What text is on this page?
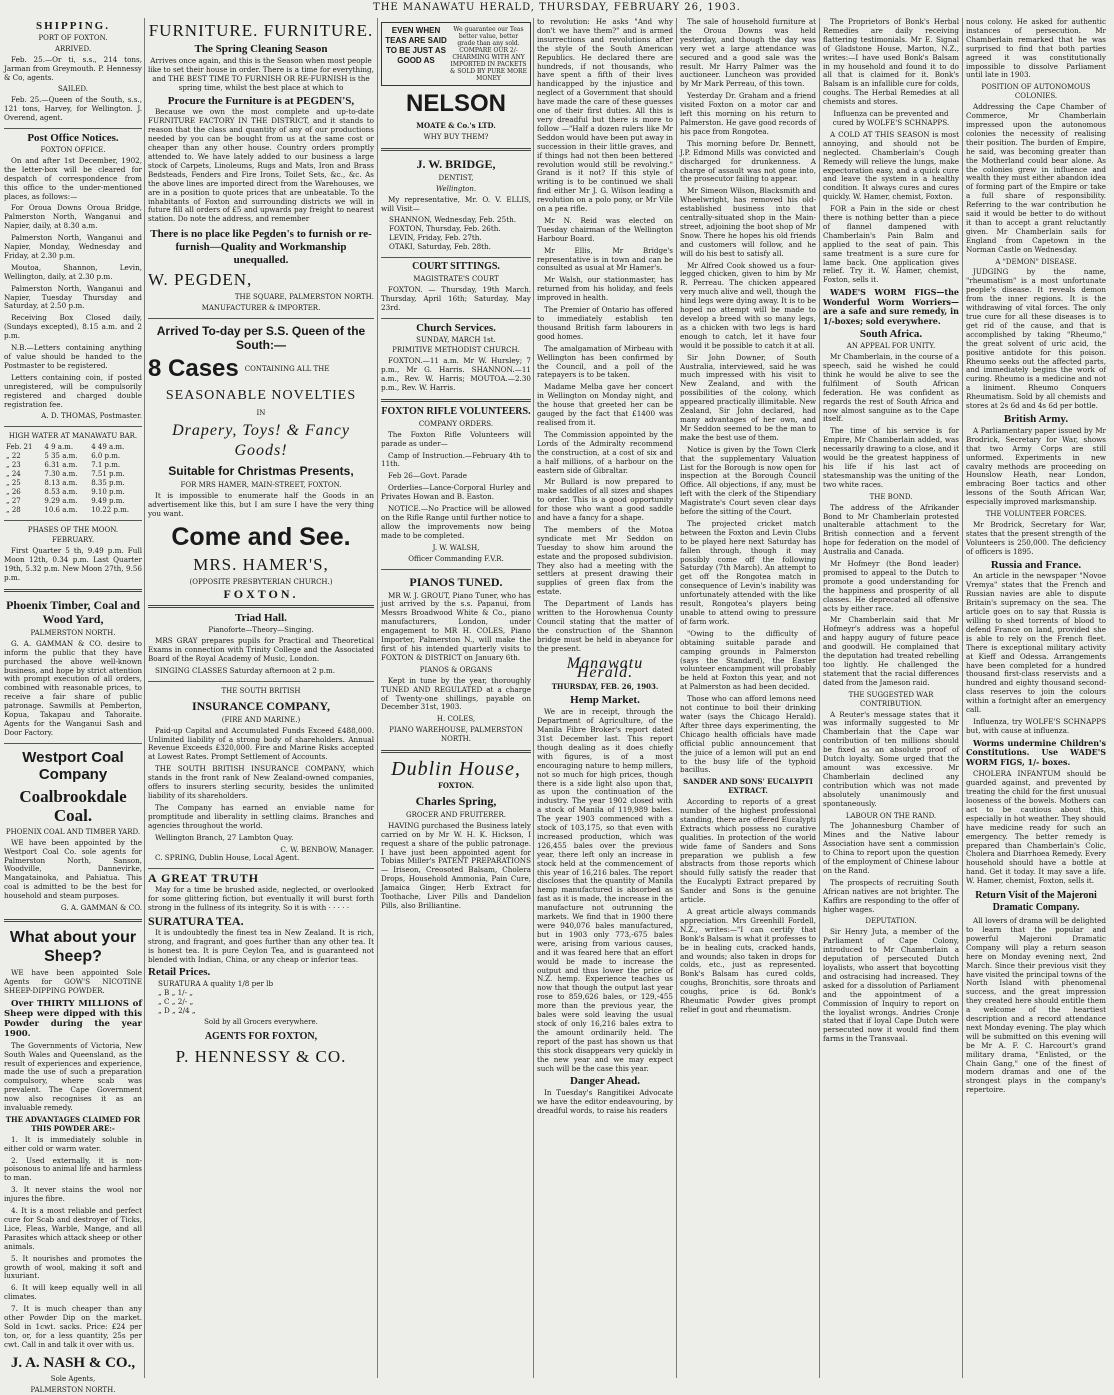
THE MANAWATU HERALD, THURSDAY, FEBRUARY 26, 1903.
SHIPPING.
PORT OF FOXTON.
ARRIVED.

Feb. 25.—Or ti, s.s., 214 tons, Jarman from Greymouth. P. Hennessy & Co, agents.

SAILED.

Feb. 25.—Queen of the South, s.s., 121 tons, Harvey, for Wellington. J. Overend, agent.

Post Office Notices.
FOXTON OFFICE.

On and after 1st December, 1902, the letter-box will be cleared for despatch of correspondence from this office to the under-mentioned places, as follows:—

For Oroua Downs Oroua Bridge, Palmerston North, Wanganui and Napier, daily, at 8.30 a.m.

Palmerston North, Wanganui and Napier, Monday, Wednesday and Friday, at 2.30 p.m.

Moutoa, Shannon, Levin, Wellington, daily, at 2.30 p.m.

Palmerston North, Wanganui and Napier, Tuesday Thursday and Saturday, at 2.50 p.m.

Receiving Box Closed daily, (Sundays excepted), 8.15 a.m. and 2 p.m.

N.B.—Letters containing anything of value should be handed to the Postmaster to be registered.

Letters containing coin, if posted unregistered, will be compulsorily registered and charged double registration fee.

A. D. THOMAS, Postmaster.
HIGH WATER AT MANAWATU BAR.
Feb. 21	4 9 a.m.	4 49 a.m.
„ 22	5 35 a.m.	6.0 p.m.
„ 23	6.31 a.m.	7.1 p.m.
„ 24	7.30 a.m.	7.51 p.m.
„ 25	8.13 a.m.	8.35 p.m.
„ 26	8.53 a.m.	9.10 p.m.
„ 27	9.29 a.m.	9.49 p.m.
„ 28	10.6 a.m.	10.22 p.m.
PHASES OF THE MOON.
FEBRUARY.

First Quarter 5 th, 9.49 p.m. Full Moon 12th, 0.34 p.m. Last Quarter 19th, 5.32 p.m. New Moon 27th, 9.56 p.m.

Phoenix Timber, Coal and Wood Yard,
PALMERSTON NORTH.

G. A. GAMMAN & CO. desire to inform the public that they have purchased the above well-known business, and hope by strict attention with prompt execution of all orders, combined with reasonable prices, to receive a fair share of public patronage. Sawmills at Pemberton, Kopua, Takapau and Tahoraite. Agents for the Wanganui Sash and Door Factory.

Westport Coal Company
Coalbrookdale Coal.
PHOENIX COAL AND TIMBER YARD.

WE have been appointed by the Westport Coal Co. sole agents for Palmerston North, Sanson, Woodville, Dannevirke, Mangatainoka, and Pahiatua. This coal is admitted to be the best for household and steam purposes.

G. A. GAMMAN & CO.
What about your Sheep?

WE have been appointed Sole Agents for GOW'S NICOTINE SHEEP-DIPPING POWDER.

Over THIRTY MILLIONS of Sheep were dipped with this Powder during the year 1900.

The Governments of Victoria, New South Wales and Queensland, as the result of experiences and experience, made the use of such a preparation compulsory, where scab was prevalent. The Cape Government now also recognises it as an invaluable remedy.

THE ADVANTAGES CLAIMED FOR THIS POWDER ARE:-

1. It is immediately soluble in either cold or warm water.

2. Used externally, it is non-poisonous to animal life and harmless to man.

3. It never stains the wool nor injures the fibre.

4. It is a most reliable and perfect cure for Scab and destroyer of Ticks, Lice, Fleas, Warble, Mange, and all Parasites which attack sheep or other animals.

5. It nourishes and promotes the growth of wool, making it soft and luxuriant.

6. It will keep equally well in all climates.

7. It is much cheaper than any other Powder Dip on the market. Sold in 1cwt. sacks. Price: £24 per ton, or, for a less quantity, 25s per cwt. Call in and talk it over with us.

J. A. NASH & CO.,
Sole Agents,
PALMERSTON NORTH.
FURNITURE. FURNITURE.
The Spring Cleaning Season

Arrives once again, and this is the Season when most people like to set their house in order. There is a time for everything, and THE BEST TIME TO FURNISH OR RE-FURNISH is the spring time, whilst the best place at which to

Procure the Furniture is at PEGDEN'S,

Because we own the most complete and up-to-date FURNITURE FACTORY IN THE DISTRICT, and it stands to reason that the class and quantity of any of our productions needed by you can be bought from us at the same cost or cheaper than any other house. Country orders promptly attended to. We have lately added to our business a large stock of Carpets, Linoleums, Rugs and Mats, Iron and Brass Bedsteads, Fenders and Fire Irons, Toilet Sets, &c., &c. As the above lines are imported direct from the Warehouses, we are in a position to quote prices that are unbeatable. To the inhabitants of Foxton and surrounding districts we will in future fill all orders of £5 and upwards pay freight to nearest station. Do note the address, and remember

There is no place like Pegden's to furnish or re-furnish—Quality and Workmanship unequalled.
W. PEGDEN,
THE SQUARE, PALMERSTON NORTH.
MANUFACTURER & IMPORTER.
Arrived To-day per S.S. Queen of the South:—
8 Cases CONTAINING ALL THE
SEASONABLE NOVELTIES
IN
Drapery, Toys! & Fancy Goods!
Suitable for Christmas Presents,
FOR MRS HAMER, MAIN-STREET, FOXTON.

It is impossible to enumerate half the Goods in an advertisement like this, but I am sure I have the very thing you want.

Come and See.
MRS. HAMER'S,
(OPPOSITE PRESBYTERIAN CHURCH.)
FOXTON.
Triad Hall.
Pianoforte—Theory—Singing.

MRS GRAY prepares pupils for Practical and Theoretical Exams in connection with Trinity College and the Associated Board of the Royal Academy of Music, London.

SINGING CLASSES Saturday afternoon at 2 p.m.

THE SOUTH BRITISH
INSURANCE COMPANY,
(FIRE AND MARINE.)

Paid-up Capital and Accumulated Funds Exceed £488,000. Unlimited liability of a strong body of shareholders. Annual Revenue Exceeds £320,000. Fire and Marine Risks accepted at Lowest Rates. Prompt Settlement of Accounts.

THE SOUTH BRITISH INSURANCE COMPANY, which stands in the front rank of New Zealand-owned companies, offers to insurers sterling security, besides the unlimited liability of its shareholders.

The Company has earned an enviable name for promptitude and liberality in settling claims. Branches and agencies throughout the world.

Wellington Branch, 27 Lambton Quay.

C. W. BENBOW, Manager.

C. SPRING, Dublin House, Local Agent.

A GREAT TRUTH

May for a time be brushed aside, neglected, or overlooked for some glittering fiction, but eventually it will burst forth strong in the fullness of its integrity. So it is with · · · · ·

SURATURA TEA.

It is undoubtedly the finest tea in New Zealand. It is rich, strong, and fragrant, and goes further than any other tea. It is honest tea. It is pure Ceylon Tea, and is guaranteed not blended with Indian, China, or any cheap or inferior teas.

Retail Prices.
SURATURA A quality 1/8 per lb
„ B „ 1/- „
„ C „ 2/- „
„ D „ 2/4 „
Sold by all Grocers everywhere.
AGENTS FOR FOXTON,
P. HENNESSY & CO.
EVEN WHEN TEAS ARE SAID TO BE JUST AS GOOD AS
We guarantee our Teas better value, better grade than any sold. COMPARE OUR 2/- CHARMING WITH ANY IMPORTED IN PACKETS & SOLD BY PURE MORE MONEY
NELSON
MOATE & Co.'s LTD.
WHY BUY THEM?
J. W. BRIDGE,
DENTIST,
Wellington.

My representative, Mr. O. V. ELLIS, will Visit—

SHANNON, Wednesday, Feb. 25th.
FOXTON, Thursday, Feb. 26th.
LEVIN, Friday, Feb. 27th.
OTAKI, Saturday, Feb. 28th.
COURT SITTINGS.
MAGISTRATE'S COURT

FOXTON. — Thursday, 19th March. Thursday, April 16th; Saturday, May 23rd.

Church Services.
SUNDAY, MARCH 1st.
PRIMITIVE METHODIST CHURCH.

FOXTON.—11 a.m. Mr W. Hursley; 7 p.m., Mr G. Harris. SHANNON.—11 a.m., Rev. W. Harris; MOUTOA.—2.30 p.m., Rev. W. Harris.

FOXTON RIFLE VOLUNTEERS.
COMPANY ORDERS.

The Foxton Rifle Volunteers will parade as under—

Camp of Instruction.—February 4th to 11th.

Feb 26—Govt. Parade

Orderlies—Lance-Corporal Hurley and Privates Howan and B. Easton.

NOTICE.—No Practice will be allowed on the Rifle Range until further notice to allow the improvements now being made to be completed.

J. W. WALSH,
Officer Commanding F.V.R.
PIANOS TUNED.

MR W. J. GROUT, Piano Tuner, who has just arrived by the s.s. Papanui, from Messrs Broadwood White & Co., piano manufacturers, London, under engagement to MR H. COLES, Piano Importer, Palmerston N., will make the first of his intended quarterly visits to FOXTON & DISTRICT on January 6th.

PIANOS & ORGANS

Kept in tune by the year, thoroughly TUNED AND REGULATED at a charge of Twenty-one shillings, payable on December 31st, 1903.

H. COLES,
PIANO WAREHOUSE, PALMERSTON NORTH.
Dublin House,
FOXTON.
Charles Spring,
GROCER AND FRUITERER.

HAVING purchased the Business lately carried on by Mr W. H. K. Hickson, I request a share of the public patronage. I have just been appointed agent for Tobias Miller's PATENT PREPARATIONS — Iriseon, Creosoted Balsam, Cholera Drops, Household Ammonia, Pain Cure, Jamaica Ginger, Herb Extract for Toothache, Liver Pills and Dandelion Pills, also Brilliantine.

to revolution: He asks "And why don't we have them?" and is armed insurrections and revolutions after the style of the South American Republics. He declared there are hundreds, if not thousands, who have spent a fifth of their lives handicapped by the injustice and neglect of a Government that should have made the care of these guesses one of their first duties. All this is very dreadful but there is more to follow —"Half a dozen rulers like Mr Seddon would have been put away in succession in their little graves, and if things had not then been bettered revolution would still be revolving." Grand is it not? If this style of writing is to be continued we shall find either Mr J. G. Wilson leading a revolution on a polo pony, or Mr Vile on a pea rifle.

Mr N. Reid was elected on Tuesday chairman of the Wellington Harbour Board.

Mr Ellis, Mr Bridge's representative is in town and can be consulted as usual at Mr Hamer's.

Mr Walsh, our stationmaster, has returned from his holiday, and feels improved in health.

The Premier of Ontario has offered to immediately establish ten thousand British farm labourers in good homes.

The amalgamation of Mirbeau with Wellington has been confirmed by the Council, and a poll of the ratepayers is to be taken.

Madame Melba gave her concert in Wellington on Monday night, and the house that greeted her can be gauged by the fact that £1400 was realised from it.

The Commission appointed by the Lords of the Admiralty recommend the construction, at a cost of six and a half millions, of a harbour on the eastern side of Gibraltar.

Mr Bullard is now prepared to make saddles of all sizes and shapes to order. This is a good opportunity for those who want a good saddle and have a fancy for a shape.

The members of the Motoa syndicate met Mr Seddon on Tuesday to show him around the estate and the proposed subdivision. They also had a meeting with the settlers at present drawing their supplies of green flax from the estate.

The Department of Lands has written to the Horowhenua County Council stating that the matter of the construction of the Shannon bridge must be held in abeyance for the present.

Manawatu Herald.
THURSDAY, FEB. 26, 1903.
Hemp Market.

We are in receipt, through the Department of Agriculture, of the Manila Fibre Broker's report dated 31st December last. This report though dealing as it does chiefly with figures, is of a most encouraging nature to hemp millers, not so much for high prices, though there is a side light also upon that, as upon the continuation of the industry. The year 1902 closed with a stock of Manila of 119,989 bales. The year 1903 commenced with a stock of 103,175, so that even with increased production, which was 126,455 bales over the previous year, there left only an increase in stock held at the commencement of this year of 16,216 bales. The report discloses that the quantity of Manila hemp manufactured is absorbed as fast as it is made, the increase in the manufacture not outrunning the markets. We find that in 1900 there were 940,076 bales manufactured, but in 1903 only 773,-675 bales were, arising from various causes, and it was feared here that an effort would be made to increase the output and thus lower the price of N.Z. hemp. Experience teaches us now that though the output last year rose to 859,626 bales, or 129,-455 more than the previous year, the bales were sold leaving the usual stock of only 16,216 bales extra to the amount ordinarily held. The report of the past has shown us that this stock disappears very quickly in the new year and we may expect such will be the case this year.

Danger Ahead.

In Tuesday's Rangitikei Advocate we have the editor endeavouring, by dreadful words, to raise his readers

The sale of household furniture at the Oroua Downs was held yesterday, and though the day was very wet a large attendance was secured and a good sale was the result. Mr Harry Palmer was the auctioneer. Luncheon was provided by Mr Mark Perreau, of this town.

Yesterday Dr. Graham and a friend visited Foxton on a motor car and left this morning on his return to Palmerston. He gave good records of his pace from Rongotea.

This morning before Dr. Bennett, J.P. Edmond Mills was convicted and discharged for drunkenness. A charge of assault was not gone into, the prosecutor failing to appear.

Mr Simeon Wilson, Blacksmith and Wheelwright, has removed his old-established business into that centrally-situated shop in the Main-street, adjoining the boot shop of Mr Snow. There he hopes his old friends and customers will follow, and he will do his best to satisfy all.

Mr Alfred Cook showed us a four-legged chicken, given to him by Mr R. Perreau. The chicken appeared very much alive and well, though the hind legs were dying away. It is to be hoped no attempt will be made to develop a breed with so many legs, as a chicken with two legs is hard enough to catch, let it have four would it be possible to catch it at all.

Sir John Downer, of South Australia, interviewed, said he was much impressed with his visit to New Zealand, and with the possibilities of the colony, which appeared practically illimitable. New Zealand, Sir John declared, had many advantages of her own, and Mr Seddon seemed to be the man to make the best use of them.

Notice is given by the Town Clerk that the supplementary Valuation List for the Borough is now open for inspection at the Borough Council Office. All objections, if any, must be left with the clerk of the Stipendiary Magistrate's Court seven clear days before the sitting of the Court.

The projected cricket match between the Foxton and Levin Clubs to be played here next Saturday has fallen through, though it may possibly come off the following Saturday (7th March). An attempt to get off the Rongotea match in consequence of Levin's inability was unfortunately attended with the like result, Rongotea's players being unable to attend owing to pressure of farm work.

"Owing to the difficulty of obtaining suitable parade and camping grounds in Palmerston (says the Standard), the Easter volunteer encampment will probably be held at Foxton this year, and not at Palmerston as had been decided.

Those who can afford lemons need not continue to boil their drinking water (says the Chicago Herald). After three days experimenting, the Chicago health officials have made official public announcement that the juice of a lemon will put an end to the busy life of the typhoid bacillus.

SANDER AND SONS' EUCALYPTI EXTRACT.

According to reports of a great number of the highest professional standing, there are offered Eucalypti Extracts which possess no curative qualities. In protection of the world wide fame of Sanders and Sons preparation we publish a few abstracts from those reports which should fully satisfy the reader that the Eucalypti Extract prepared by Sander and Sons is the genuine article.

A great article always commands appreciation. Mrs Greenhill Fordell, N.Z., writes:—"I can certify that Bonk's Balsam is what it professes to be in healing cuts, cracked hands, and wounds; also taken in drops for colds, etc., just as represented. Bonk's Balsam has cured colds, coughs, Bronchitis, sore throats and coughs, price is 6d. Bonk's Rheumatic Powder gives prompt relief in gout and rheumatism.

The Proprietors of Bonk's Herbal Remedies are daily receiving flattering testimonials. Mr E. Signal of Gladstone House, Marton, N.Z., writes:—I have used Bonk's Balsam in my household and found it to do all that is claimed for it. Bonk's Balsam is an infallible cure for colds, coughs. The Herbal Remedies at all chemists and stores.

Influenza can be prevented and cured by WOLFE'S SCHNAPPS.

A COLD AT THIS SEASON is most annoying, and should not be neglected. Chamberlain's Cough Remedy will relieve the lungs, make expectoration easy, and a quick cure and leave the system in a healthy condition. It always cures and cures quickly. W. Hamer, chemist, Foxton.

FOR a Pain in the side or chest there is nothing better than a piece of flannel dampened with Chamberlain's Pain Balm and applied to the seat of pain. This same treatment is a sure cure for lame back. One application gives relief. Try it. W. Hamer, chemist, Foxton, sells it.

WADE'S WORM FIGS—the Wonderful Worm Worriers—are a safe and sure remedy, in 1/-boxes; sold everywhere.

South Africa.
AN APPEAL FOR UNITY.

Mr Chamberlain, in the course of a speech, said he wished he could think he would be alive to see the fulfilment of South African federation. He was confident as regards the rest of South Africa and now almost sanguine as to the Cape itself.

The time of his service is for Empire, Mr Chamberlain added, was necessarily drawing to a close, and it would be the greatest happiness of his life if his last act of statesmanship was the uniting of the two white races.

THE BOND.

The address of the Afrikander Bond to Mr Chamberlain protested unalterable attachment to the British connection and a fervent hope for federation on the model of Australia and Canada.

Mr Hofmeyr (the Bond leader) promised to appeal to the Dutch to promote a good understanding for the happiness and prosperity of all classes. He deprecated all offensive acts by either race.

Mr Chamberlain said that Mr Hofmeyr's address was a hopeful and happy augury of future peace and goodwill. He complained that the deputation had treated rebelling too lightly. He challenged the statement that the racial differences dated from the Jameson raid.

THE SUGGESTED WAR CONTRIBUTION.

A Reuter's message states that it was informally suggested to Mr Chamberlain that the Cape war contribution of ten millions should be fixed as an absolute proof of Dutch loyalty. Some urged that the amount was excessive. Mr Chamberlain declined any contribution which was not made absolutely unanimously and spontaneously.

LABOUR ON THE RAND.

The Johannesburg Chamber of Mines and the Native labour Association have sent a commission to China to report upon the question of the employment of Chinese labour on the Rand.

The prospects of recruiting South African natives are not brighter. The Kaffirs are responding to the offer of higher wages.

DEPUTATION.

Sir Henry Juta, a member of the Parliament of Cape Colony, introduced to Mr Chamberlain a deputation of persecuted Dutch loyalists, who assert that boycotting and ostracising had increased. They asked for a dissolution of Parliament and the appointment of a Commission of Inquiry to report on the loyalist wrongs. Andries Cronje stated that if loyal Cape Dutch were persecuted now it would find them farms in the Transvaal.

nous colony. He asked for authentic instances of persecution. Mr Chamberlain remarked that he was surprised to find that both parties agreed it was constitutionally impossible to dissolve Parliament until late in 1903.

POSITION OF AUTONOMOUS COLONIES.

Addressing the Cape Chamber of Commerce, Mr Chamberlain impressed upon the autonomous colonies the necessity of realising their position. The burden of Empire, he said, was becoming greater than the Motherland could bear alone. As the colonies grew in influence and wealth they must either abandon idea of forming part of the Empire or take a full share of responsibility. Referring to the war contribution he said it would be better to do without it than to accept a grant reluctantly given. Mr Chamberlain sails for England from Capetown in the Norman Castle on Wednesday.

A "DEMON" DISEASE.

JUDGING by the name, "rheumatism" is a most unfortunate people's disease. It reveals demon from the inner regions. It is the withdrawing of vital forces. The only true cure for all these diseases is to get rid of the cause, and that is accomplished by taking "Rheumo," the great solvent of uric acid, the positive antidote for this poison. Rheumo seeks out the affected parts, and immediately begins the work of curing. Rheumo is a medicine and not a liniment. Rheumo Conquers Rheumatism. Sold by all chemists and stores at 2s 6d and 4s 6d per bottle.

British Army.

A Parliamentary paper issued by Mr Brodrick, Secretary for War, shows that two Army Corps are still unformed. Experiments in new cavalry methods are proceeding on Hounslow Heath, near London, embracing Boer tactics and other lessons of the South African War, especially improved marksmanship.

THE VOLUNTEER FORCES.

Mr Brodrick, Secretary for War, states that the present strength of the Volunteers is 250,000. The deficiency of officers is 1895.

Russia and France.

An article in the newspaper "Novoe Vremya" states that the French and Russian navies are able to dispute Britain's supremacy on the sea. The article goes on to say that Russia is willing to shed torrents of blood to defend France on land, provided she is able to rely on the French fleet. There is exceptional military activity at Kieff and Odessa. Arrangements have been completed for a hundred thousand first-class reservists and a hundred and eighty thousand second-class reserves to join the colours within a fortnight after an emergency call.

Influenza, try WOLFE'S SCHNAPPS but, with cause at influenza.

Worms undermine Children's Constitutions. Use WADE'S WORM FIGS, 1/- boxes.

CHOLERA INFANTUM should be guarded against, and prevented by treating the child for the first unusual looseness of the bowels. Mothers can act to be cautious about this, especially in hot weather. They should have medicine ready for such an emergency. The better remedy is prepared than Chamberlain's Colic, Cholera and Diarrhoea Remedy. Every household should have a bottle at hand. Get it today. It may save a life. W. Hamer, chemist, Foxton, sells it.

Return Visit of the Majeroni Dramatic Company.

All lovers of drama will be delighted to learn that the popular and powerful Majeroni Dramatic Company will play a return season here on Monday evening next, 2nd March. Since their previous visit they have visited the principal towns of the North Island with phenomenal success, and the great impression they created here should entitle them a welcome of the heartiest description and a record attendance next Monday evening. The play which will be submitted on this evening will be Mr A. F. C. Harcourt's grand military drama, "Enlisted, or the Chain Gang," one of the finest of modern dramas and one of the strongest plays in the company's repertoire.
